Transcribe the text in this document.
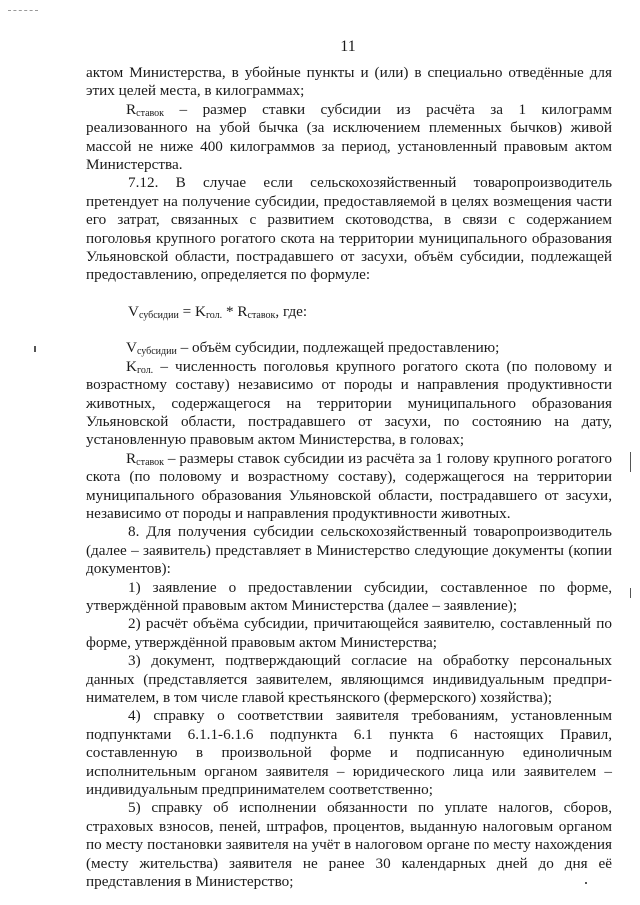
11

актом Министерства, в убойные пункты и (или) в специально отведённые для этих целей места, в килограммах;

$R_{ставок}$ – размер ставки субсидии из расчёта за 1 килограмм реализованного на убой бычка (за исключением племенных бычков) живой массой не ниже 400 килограммов за период, установленный правовым актом Министерства.

7.12. В случае если сельскохозяйственный товаропроизводитель претендует на получение субсидии, предоставляемой в целях возмещения части его затрат, связанных с развитием скотоводства, в связи с содержанием поголовья крупного рогатого скота на территории муниципального образования Ульяновской области, пострадавшего от засухи, объём субсидии, подлежащей предоставлению, определяется по формуле:

$V_{субсидии} = K_{гол.} * R_{ставок}$, где:

$V_{субсидии}$ – объём субсидии, подлежащей предоставлению;

$K_{гол.}$ – численность поголовья крупного рогатого скота (по половому и возрастному составу) независимо от породы и направления продуктивности животных, содержащегося на территории муниципального образования Ульяновской области, пострадавшего от засухи, по состоянию на дату, установленную правовым актом Министерства, в головах;

$R_{ставок}$ – размеры ставок субсидии из расчёта за 1 голову крупного рогатого скота (по половому и возрастному составу), содержащегося на территории муниципального образования Ульяновской области, пострадавшего от засухи, независимо от породы и направления продуктивности животных.

8. Для получения субсидии сельскохозяйственный товаропроизводитель (далее – заявитель) представляет в Министерство следующие документы (копии документов):

1) заявление о предоставлении субсидии, составленное по форме, утверждённой правовым актом Министерства (далее – заявление);

2) расчёт объёма субсидии, причитающейся заявителю, составленный по форме, утверждённой правовым актом Министерства;

3) документ, подтверждающий согласие на обработку персональных данных (представляется заявителем, являющимся индивидуальным предпри-нимателем, в том числе главой крестьянского (фермерского) хозяйства);

4) справку о соответствии заявителя требованиям, установленным подпунктами 6.1.1-6.1.6 подпункта 6.1 пункта 6 настоящих Правил, составленную в произвольной форме и подписанную единоличным исполнительным органом заявителя – юридического лица или заявителем – индивидуальным предпринимателем соответственно;

5) справку об исполнении обязанности по уплате налогов, сборов, страховых взносов, пеней, штрафов, процентов, выданную налоговым органом по месту постановки заявителя на учёт в налоговом органе по месту нахождения (месту жительства) заявителя не ранее 30 календарных дней до дня её представления в Министерство;
